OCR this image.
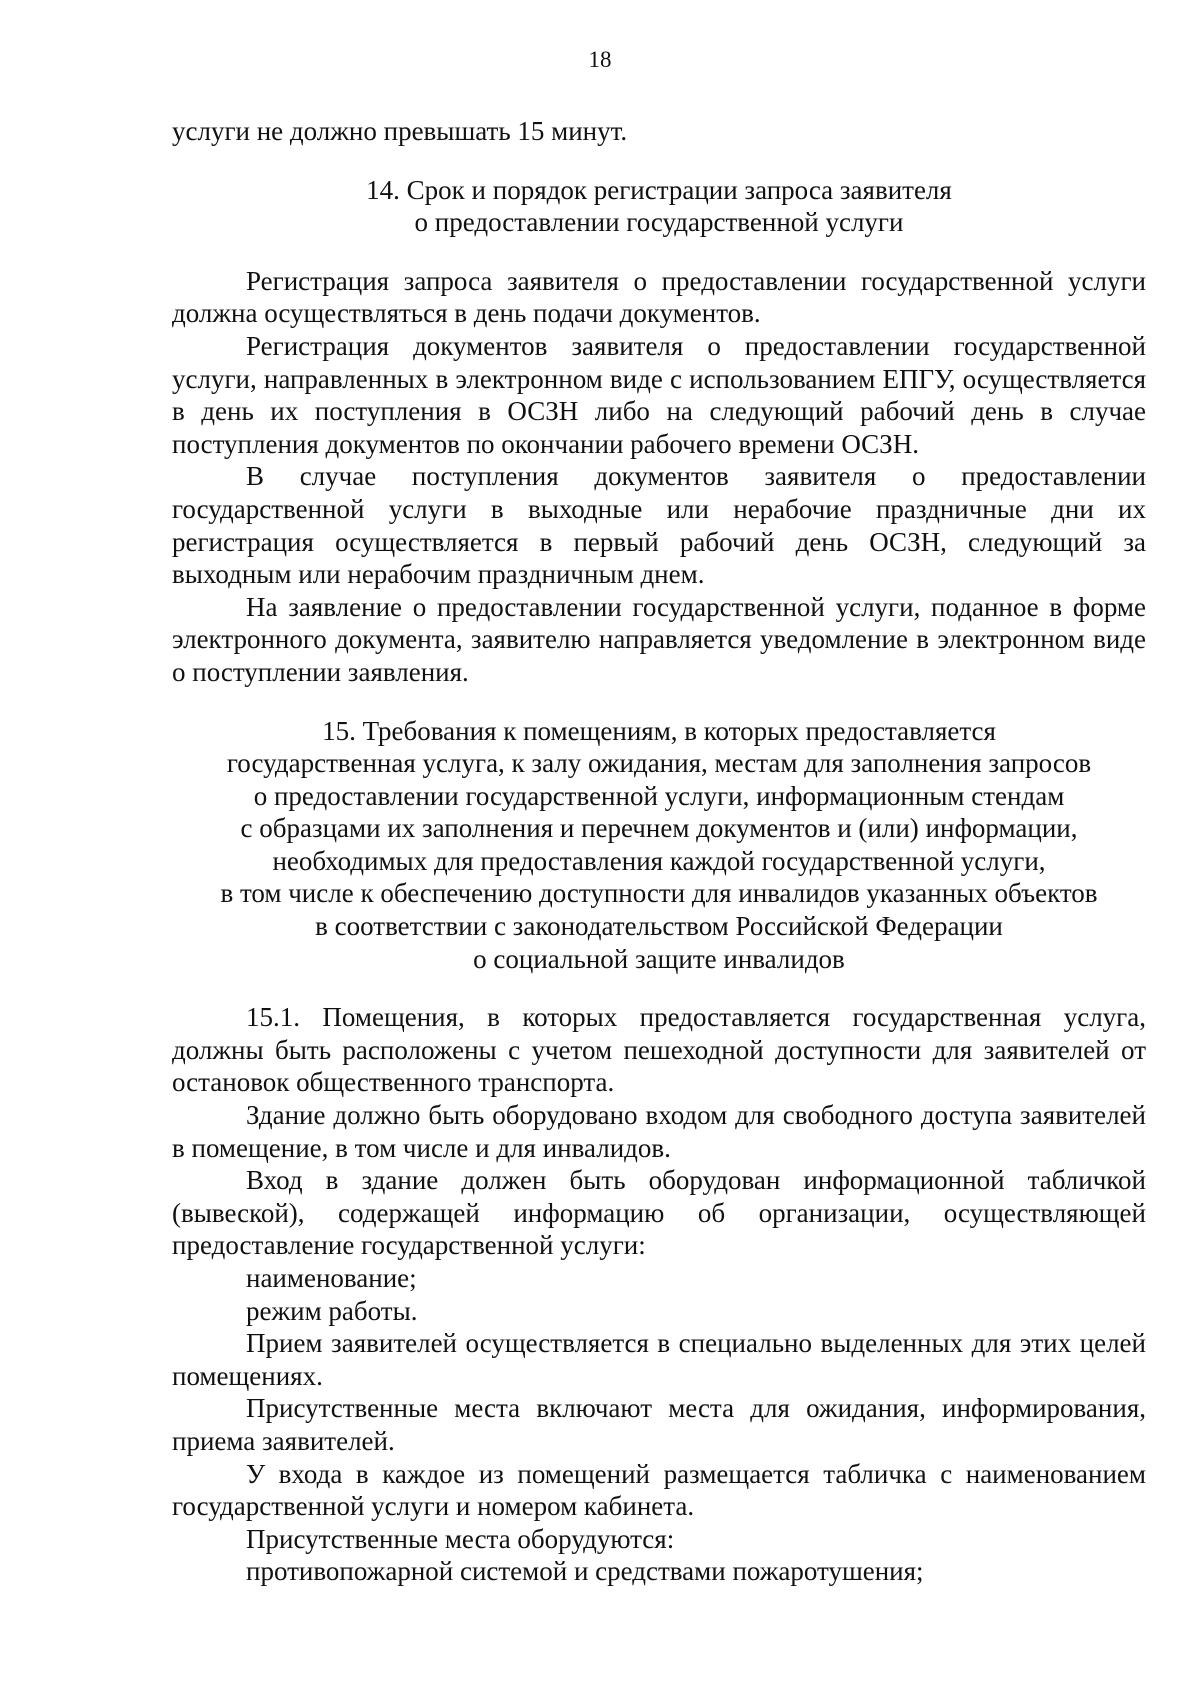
18

услуги не должно превышать 15 минут.

14. Срок и порядок регистрации запроса заявителя
о предоставлении государственной услуги

Регистрация запроса заявителя о предоставлении государственной услуги должна осуществляться в день подачи документов.

Регистрация документов заявителя о предоставлении государственной услуги, направленных в электронном виде с использованием ЕПГУ, осуществляется в день их поступления в ОСЗН либо на следующий рабочий день в случае поступления документов по окончании рабочего времени ОСЗН.

В случае поступления документов заявителя о предоставлении государственной услуги в выходные или нерабочие праздничные дни их регистрация осуществляется в первый рабочий день ОСЗН, следующий за выходным или нерабочим праздничным днем.

На заявление о предоставлении государственной услуги, поданное в форме электронного документа, заявителю направляется уведомление в электронном виде о поступлении заявления.

15. Требования к помещениям, в которых предоставляется
государственная услуга, к залу ожидания, местам для заполнения запросов
о предоставлении государственной услуги, информационным стендам
с образцами их заполнения и перечнем документов и (или) информации,
необходимых для предоставления каждой государственной услуги,
в том числе к обеспечению доступности для инвалидов указанных объектов
в соответствии с законодательством Российской Федерации
о социальной защите инвалидов

15.1. Помещения, в которых предоставляется государственная услуга, должны быть расположены с учетом пешеходной доступности для заявителей от остановок общественного транспорта.

Здание должно быть оборудовано входом для свободного доступа заявителей в помещение, в том числе и для инвалидов.

Вход в здание должен быть оборудован информационной табличкой (вывеской), содержащей информацию об организации, осуществляющей предоставление государственной услуги:

наименование;

режим работы.

Прием заявителей осуществляется в специально выделенных для этих целей помещениях.

Присутственные места включают места для ожидания, информирования, приема заявителей.

У входа в каждое из помещений размещается табличка с наименованием государственной услуги и номером кабинета.

Присутственные места оборудуются:

противопожарной системой и средствами пожаротушения;
